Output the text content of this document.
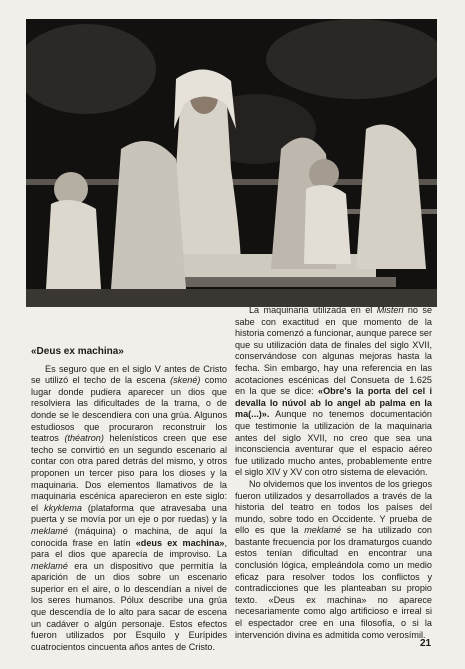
«Deus ex machina»

Es seguro que en el siglo V antes de Cristo se utilizó el techo de la escena (skené) como lugar donde pudiera aparecer un dios que resolviera las dificultades de la trama, o de donde se le descendiera con una grúa. Algunos estudiosos que procuraron reconstruir los teatros (théatron) helenísticos creen que ese techo se convirtió en un segundo escenario al contar con otra pared detrás del mismo, y otros proponen un tercer piso para los dioses y la maquinaria. Dos elementos llamativos de la maquinaria escénica aparecieron en este siglo: el kkyklema (plataforma que atravesaba una puerta y se movía por un eje o por ruedas) y la meklamé (máquina) o machina, de aquí la conocida frase en latín «deus ex machina», para el dios que aparecía de improviso. La meklamé era un dispositivo que permitía la aparición de un dios sobre un escenario superior en el aire, o lo descendían a nivel de los seres humanos. Pólux describe una grúa que descendía de lo alto para sacar de escena un cadáver o algún personaje. Estos efectos fueron utilizados por Esquilo y Eurípides cuatrocientos cincuenta años antes de Cristo.

La maquinaria utilizada en el Misteri no se sabe con exactitud en que momento de la historia comenzó a funcionar, aunque parece ser que su utilización data de finales del siglo XVII, conservándose con algunas mejoras hasta la fecha. Sin embargo, hay una referencia en las acotaciones escénicas del Consueta de 1.625 en la que se dice: «Obre's la porta del cel i devalla lo núvol ab lo angel ab palma en la ma(...)». Aunque no tenemos documentación que testimonie la utilización de la maquinaria antes del siglo XVII, no creo que sea una inconsciencia aventurar que el espacio aéreo fue utilizado mucho antes, probablemente entre el siglo XIV y XV con otro sistema de elevación.

No olvidemos que los inventos de los griegos fueron utilizados y desarrollados a través de la historia del teatro en todos los países del mundo, sobre todo en Occidente. Y prueba de ello es que la meklamé se ha utilizado con bastante frecuencia por los dramaturgos cuando estos tenían dificultad en encontrar una conclusión lógica, empleándola como un medio eficaz para resolver todos los conflictos y contradicciones que les planteaban su propio texto. «Deus ex machina» no aparece necesariamente como algo artificioso e irreal si el espectador cree en una filosofía, o si la intervención divina es admitida como verosímil.

21
